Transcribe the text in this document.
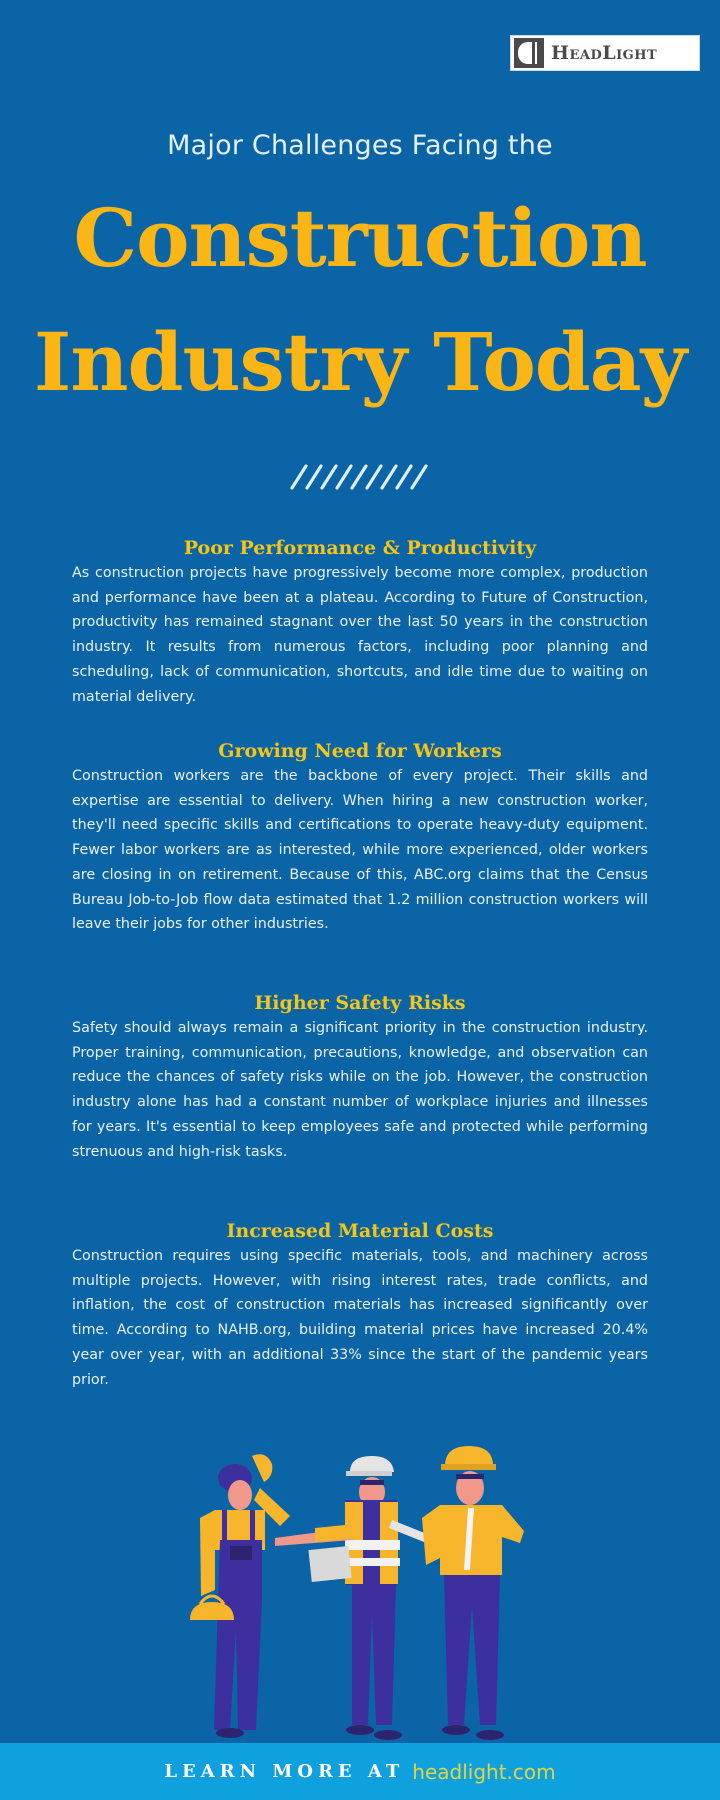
HeadLight
Major Challenges Facing the
Construction
Industry Today
Poor Performance & Productivity

As construction projects have progressively become more complex, production and performance have been at a plateau. According to Future of Construction, productivity has remained stagnant over the last 50 years in the construction industry. It results from numerous factors, including poor planning and scheduling, lack of communication, shortcuts, and idle time due to waiting on material delivery.

Growing Need for Workers

Construction workers are the backbone of every project. Their skills and expertise are essential to delivery. When hiring a new construction worker, they'll need specific skills and certifications to operate heavy-duty equipment. Fewer labor workers are as interested, while more experienced, older workers are closing in on retirement. Because of this, ABC.org claims that the Census Bureau Job-to-Job flow data estimated that 1.2 million construction workers will leave their jobs for other industries.

Higher Safety Risks

Safety should always remain a significant priority in the construction industry. Proper training, communication, precautions, knowledge, and observation can reduce the chances of safety risks while on the job. However, the construction industry alone has had a constant number of workplace injuries and illnesses for years. It's essential to keep employees safe and protected while performing strenuous and high-risk tasks.

Increased Material Costs

Construction requires using specific materials, tools, and machinery across multiple projects. However, with rising interest rates, trade conflicts, and inflation, the cost of construction materials has increased significantly over time. According to NAHB.org, building material prices have increased 20.4% year over year, with an additional 33% since the start of the pandemic years prior.

LEARN MORE AT headlight.com
